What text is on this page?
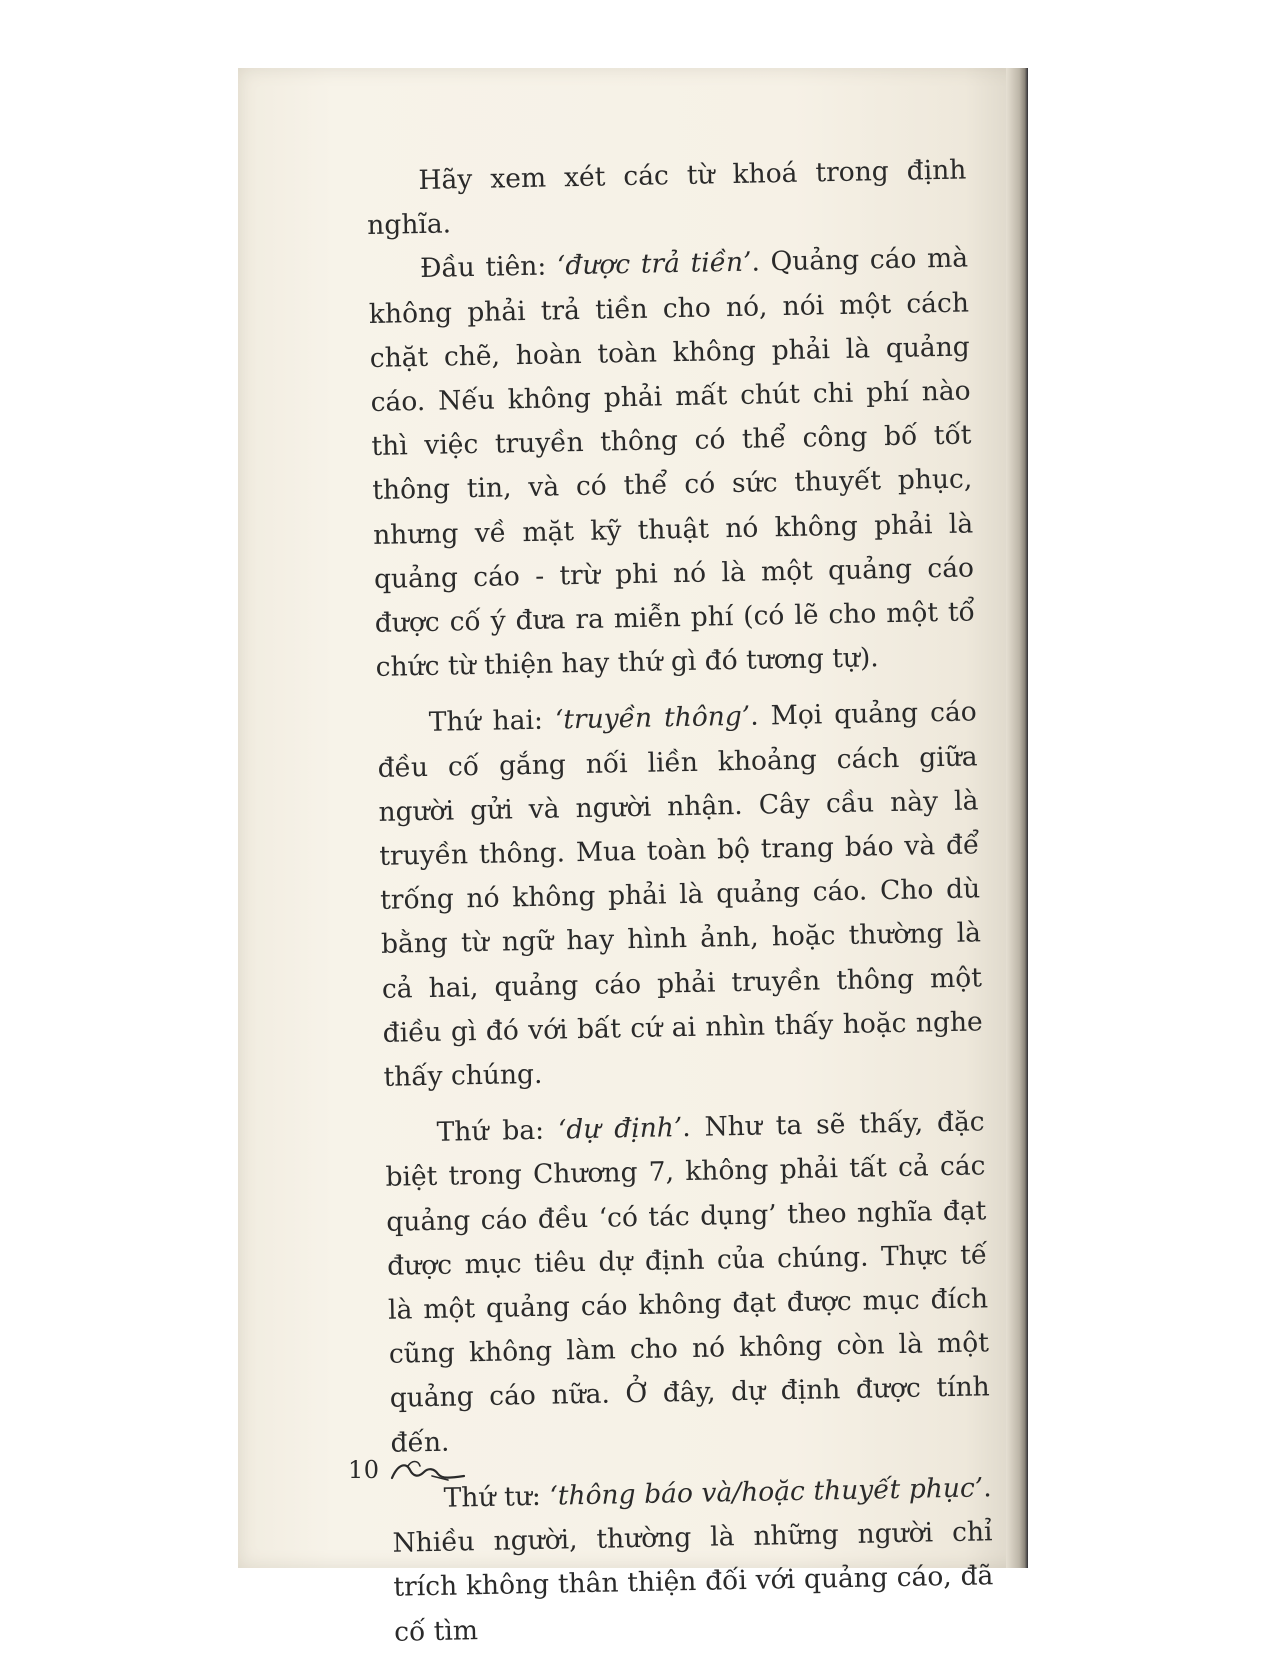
Hãy xem xét các từ khoá trong định nghĩa.

Đầu tiên: ‘được trả tiền’. Quảng cáo mà không phải trả tiền cho nó, nói một cách chặt chẽ, hoàn toàn không phải là quảng cáo. Nếu không phải mất chút chi phí nào thì việc truyền thông có thể công bố tốt thông tin, và có thể có sức thuyết phục, nhưng về mặt kỹ thuật nó không phải là quảng cáo - trừ phi nó là một quảng cáo được cố ý đưa ra miễn phí (có lẽ cho một tổ chức từ thiện hay thứ gì đó tương tự).

Thứ hai: ‘truyền thông’. Mọi quảng cáo đều cố gắng nối liền khoảng cách giữa người gửi và người nhận. Cây cầu này là truyền thông. Mua toàn bộ trang báo và để trống nó không phải là quảng cáo. Cho dù bằng từ ngữ hay hình ảnh, hoặc thường là cả hai, quảng cáo phải truyền thông một điều gì đó với bất cứ ai nhìn thấy hoặc nghe thấy chúng.

Thứ ba: ‘dự định’. Như ta sẽ thấy, đặc biệt trong Chương 7, không phải tất cả các quảng cáo đều ‘có tác dụng’ theo nghĩa đạt được mục tiêu dự định của chúng. Thực tế là một quảng cáo không đạt được mục đích cũng không làm cho nó không còn là một quảng cáo nữa. Ở đây, dự định được tính đến.

Thứ tư: ‘thông báo và/hoặc thuyết phục’. Nhiều người, thường là những người chỉ trích không thân thiện đối với quảng cáo, đã cố tìm

10
